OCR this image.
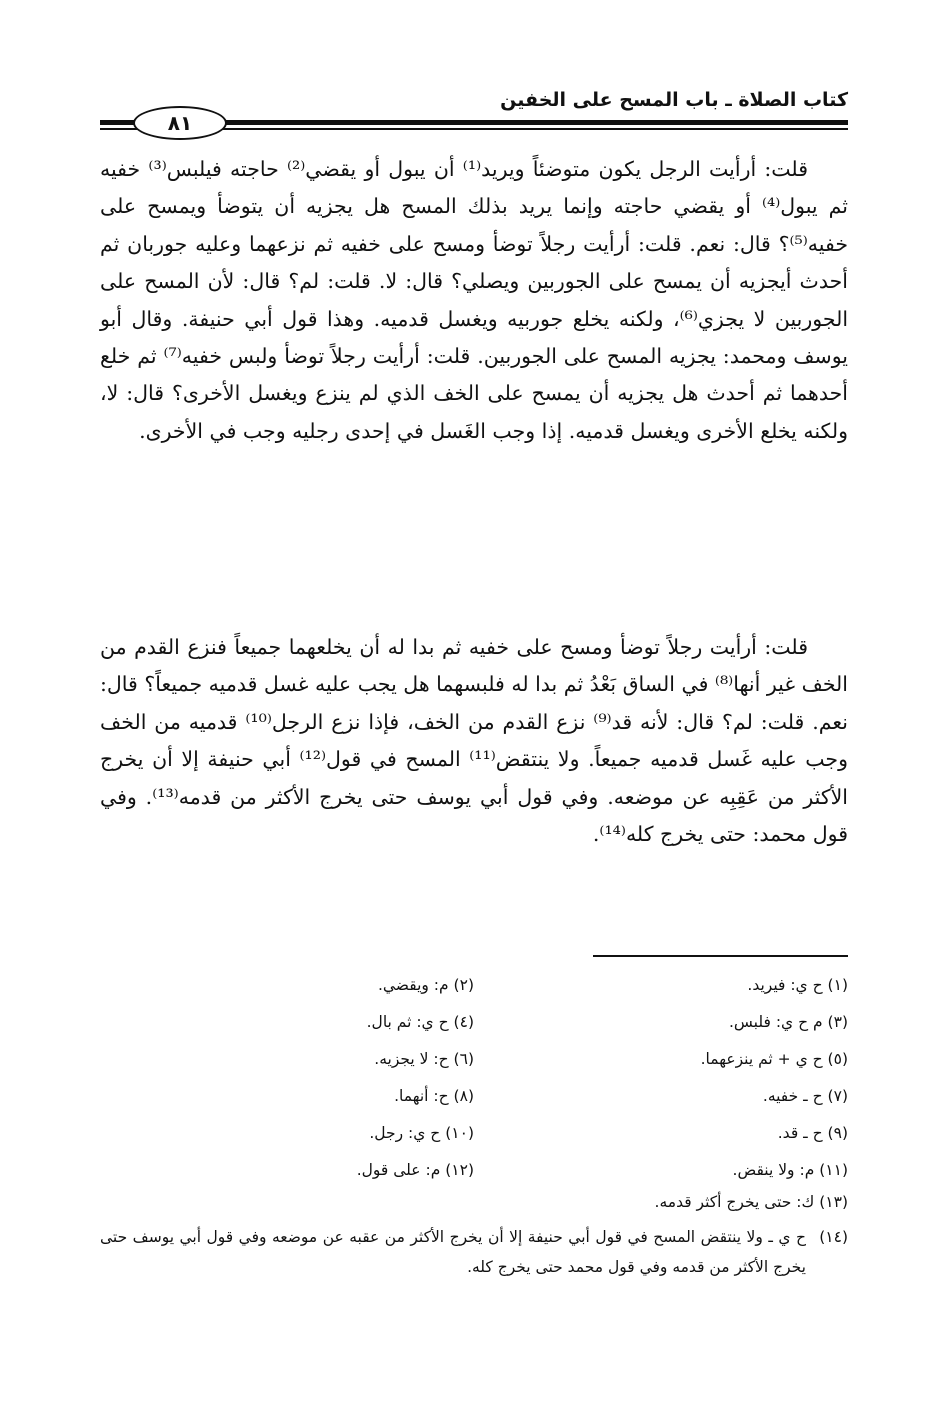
كتاب الصلاة ـ باب المسح على الخفين
٨١

قلت: أرأيت الرجل يكون متوضئاً ويريد⁽¹⁾ أن يبول أو يقضي⁽²⁾ حاجته فيلبس⁽³⁾ خفيه ثم يبول⁽⁴⁾ أو يقضي حاجته وإنما يريد بذلك المسح هل يجزيه أن يتوضأ ويمسح على خفيه⁽⁵⁾؟ قال: نعم. قلت: أرأيت رجلاً توضأ ومسح على خفيه ثم نزعهما وعليه جوربان ثم أحدث أيجزيه أن يمسح على الجوربين ويصلي؟ قال: لا. قلت: لم؟ قال: لأن المسح على الجوربين لا يجزي⁽⁶⁾، ولكنه يخلع جوربيه ويغسل قدميه. وهذا قول أبي حنيفة. وقال أبو يوسف ومحمد: يجزيه المسح على الجوربين. قلت: أرأيت رجلاً توضأ ولبس خفيه⁽⁷⁾ ثم خلع أحدهما ثم أحدث هل يجزيه أن يمسح على الخف الذي لم ينزع ويغسل الأخرى؟ قال: لا، ولكنه يخلع الأخرى ويغسل قدميه. إذا وجب الغَسل في إحدى رجليه وجب في الأخرى.

قلت: أرأيت رجلاً توضأ ومسح على خفيه ثم بدا له أن يخلعهما جميعاً فنزع القدم من الخف غير أنها⁽⁸⁾ في الساق بَعْدُ ثم بدا له فلبسهما هل يجب عليه غسل قدميه جميعاً؟ قال: نعم. قلت: لم؟ قال: لأنه قد⁽⁹⁾ نزع القدم من الخف، فإذا نزع الرجل⁽¹⁰⁾ قدميه من الخف وجب عليه غَسل قدميه جميعاً. ولا ينتقض⁽¹¹⁾ المسح في قول⁽¹²⁾ أبي حنيفة إلا أن يخرج الأكثر من عَقِبِه عن موضعه. وفي قول أبي يوسف حتى يخرج الأكثر من قدمه⁽¹³⁾. وفي قول محمد: حتى يخرج كله⁽¹⁴⁾.

(١) ح ي: فيريد.
(٢) م: ويقضي.
(٣) م ح ي: فلبس.
(٤) ح ي: ثم بال.
(٥) ح ي + ثم ينزعهما.
(٦) ح: لا يجزيه.
(٧) ح ـ خفيه.
(٨) ح: أنهما.
(٩) ح ـ قد.
(١٠) ح ي: رجل.
(١١) م: ولا ينقض.
(١٢) م: على قول.
(١٣) ك: حتى يخرج أكثر قدمه.
(١٤)
ح ي ـ ولا ينتقض المسح في قول أبي حنيفة إلا أن يخرج الأكثر من عقبه عن موضعه وفي قول أبي يوسف حتى يخرج الأكثر من قدمه وفي قول محمد حتى يخرج كله.
